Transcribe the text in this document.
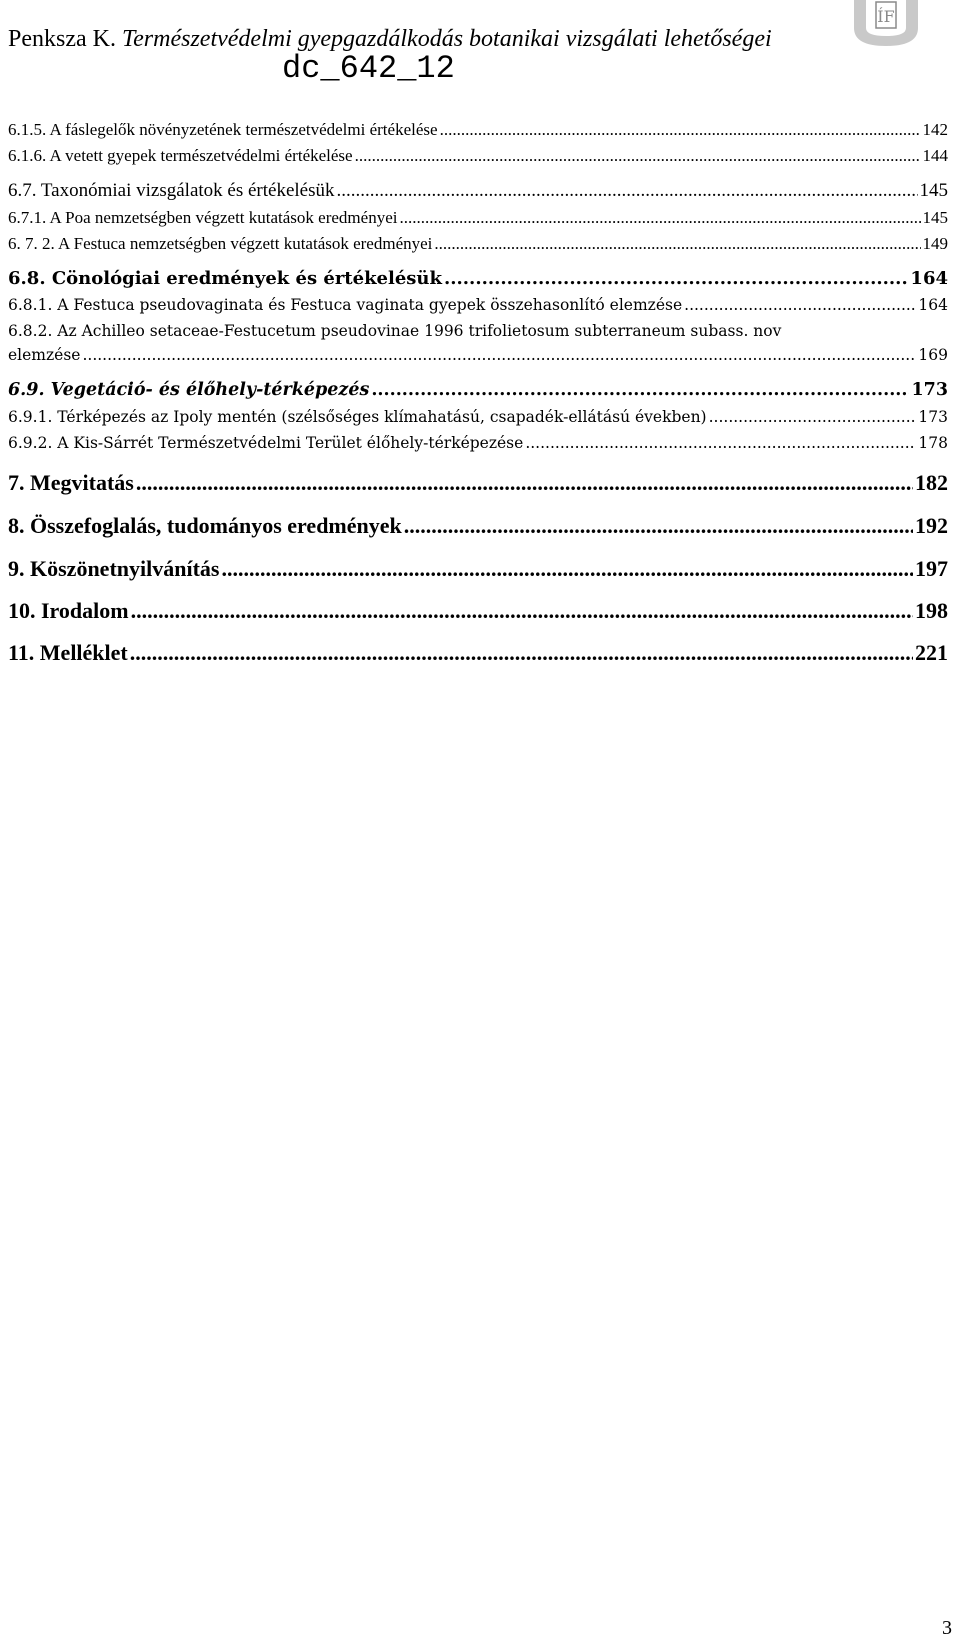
Penksza K. Természetvédelmi gyepgazdálkodás botanikai vizsgálati lehetőségei
dc_642_12
ÍF
6.1.5. A fáslegelők növényzetének természetvédelmi értékelése .....	142
6.1.6. A vetett gyepek természetvédelmi értékelése .....	144
6.7. Taxonómiai vizsgálatok és értékelésük .....	145
6.7.1. A Poa nemzetségben végzett kutatások eredményei .....	145
6. 7. 2. A Festuca nemzetségben végzett kutatások eredményei .....	149
6.8. Cönológiai eredmények és értékelésük .....	164
6.8.1. A Festuca pseudovaginata és Festuca vaginata gyepek összehasonlító elemzése .....	164
6.8.2. Az Achilleo setaceae-Festucetum pseudovinae 1996 trifolietosum subterraneum subass. nov
elemzése .....	169
6.9. Vegetáció- és élőhely-térképezés .....	173
6.9.1. Térképezés az Ipoly mentén (szélsőséges klímahatású, csapadék-ellátású években) .....	173
6.9.2. A Kis-Sárrét Természetvédelmi Terület élőhely-térképezése .....	178
7. Megvitatás .....	182
8. Összefoglalás, tudományos eredmények .....	192
9. Köszönetnyilvánítás .....	197
10. Irodalom .....	198
11. Melléklet .....	221
3
